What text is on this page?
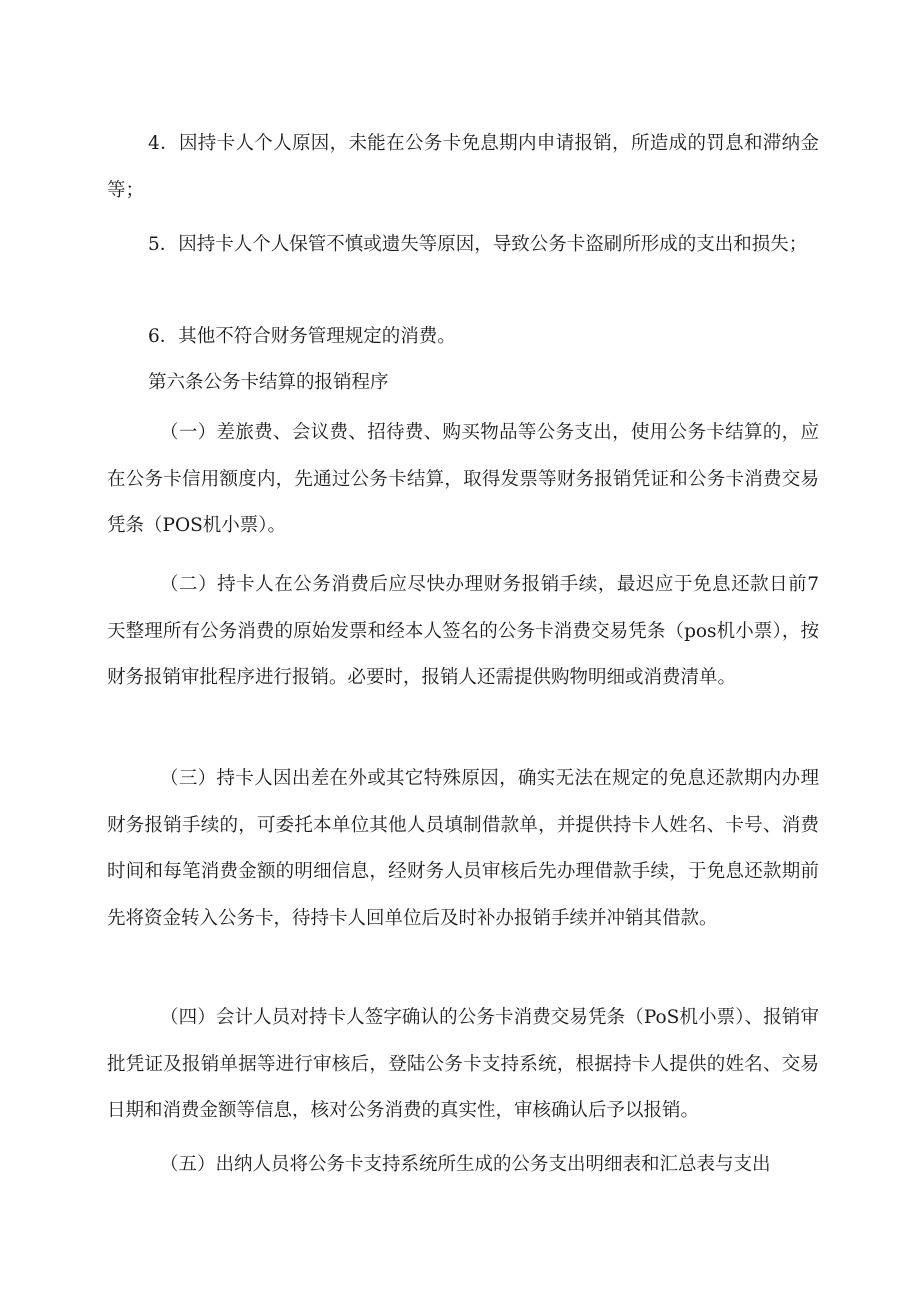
4．因持卡人个人原因，未能在公务卡免息期内申请报销，所造成的罚息和滞纳金等；
5．因持卡人个人保管不慎或遗失等原因，导致公务卡盗刷所形成的支出和损失；
6．其他不符合财务管理规定的消费。
第六条公务卡结算的报销程序
（一）差旅费、会议费、招待费、购买物品等公务支出，使用公务卡结算的，应在公务卡信用额度内，先通过公务卡结算，取得发票等财务报销凭证和公务卡消费交易凭条（POS机小票）。
（二）持卡人在公务消费后应尽快办理财务报销手续，最迟应于免息还款日前7天整理所有公务消费的原始发票和经本人签名的公务卡消费交易凭条（pos机小票），按财务报销审批程序进行报销。必要时，报销人还需提供购物明细或消费清单。
（三）持卡人因出差在外或其它特殊原因，确实无法在规定的免息还款期内办理财务报销手续的，可委托本单位其他人员填制借款单，并提供持卡人姓名、卡号、消费时间和每笔消费金额的明细信息，经财务人员审核后先办理借款手续，于免息还款期前先将资金转入公务卡，待持卡人回单位后及时补办报销手续并冲销其借款。
（四）会计人员对持卡人签字确认的公务卡消费交易凭条（PoS机小票）、报销审批凭证及报销单据等进行审核后，登陆公务卡支持系统，根据持卡人提供的姓名、交易日期和消费金额等信息，核对公务消费的真实性，审核确认后予以报销。
（五）出纳人员将公务卡支持系统所生成的公务支出明细表和汇总表与支出
